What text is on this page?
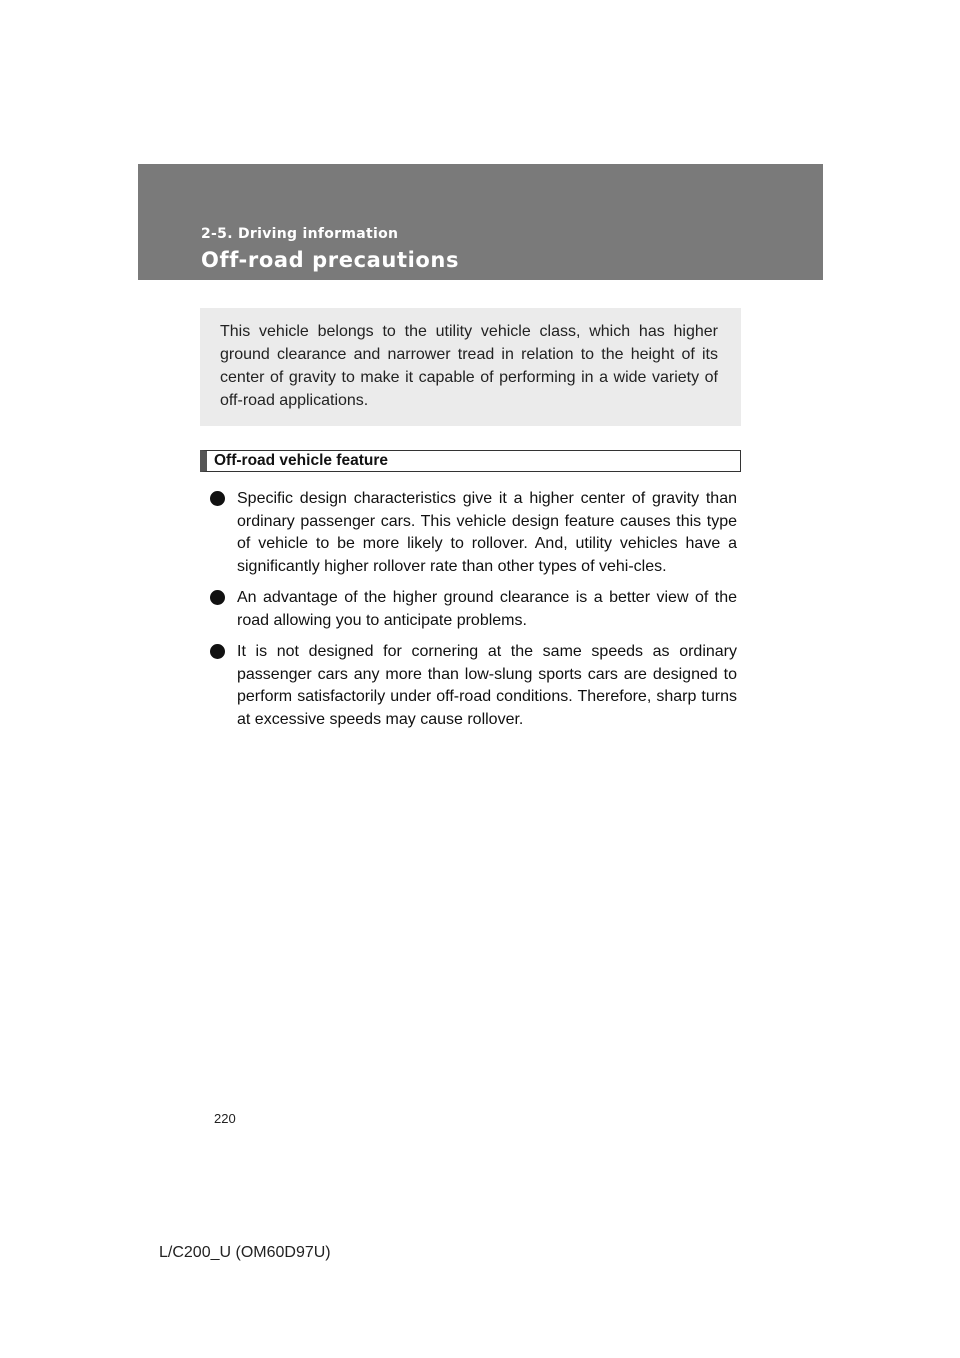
2-5. Driving information
Off-road precautions

This vehicle belongs to the utility vehicle class, which has higher ground clearance and narrower tread in relation to the height of its center of gravity to make it capable of performing in a wide variety of off-road applications.

Off-road vehicle feature
Specific design characteristics give it a higher center of gravity than ordinary passenger cars. This vehicle design feature causes this type of vehicle to be more likely to rollover. And, utility vehicles have a significantly higher rollover rate than other types of vehi-cles.
An advantage of the higher ground clearance is a better view of the road allowing you to anticipate problems.
It is not designed for cornering at the same speeds as ordinary passenger cars any more than low-slung sports cars are designed to perform satisfactorily under off-road conditions. Therefore, sharp turns at excessive speeds may cause rollover.
220
L/C200_U (OM60D97U)
